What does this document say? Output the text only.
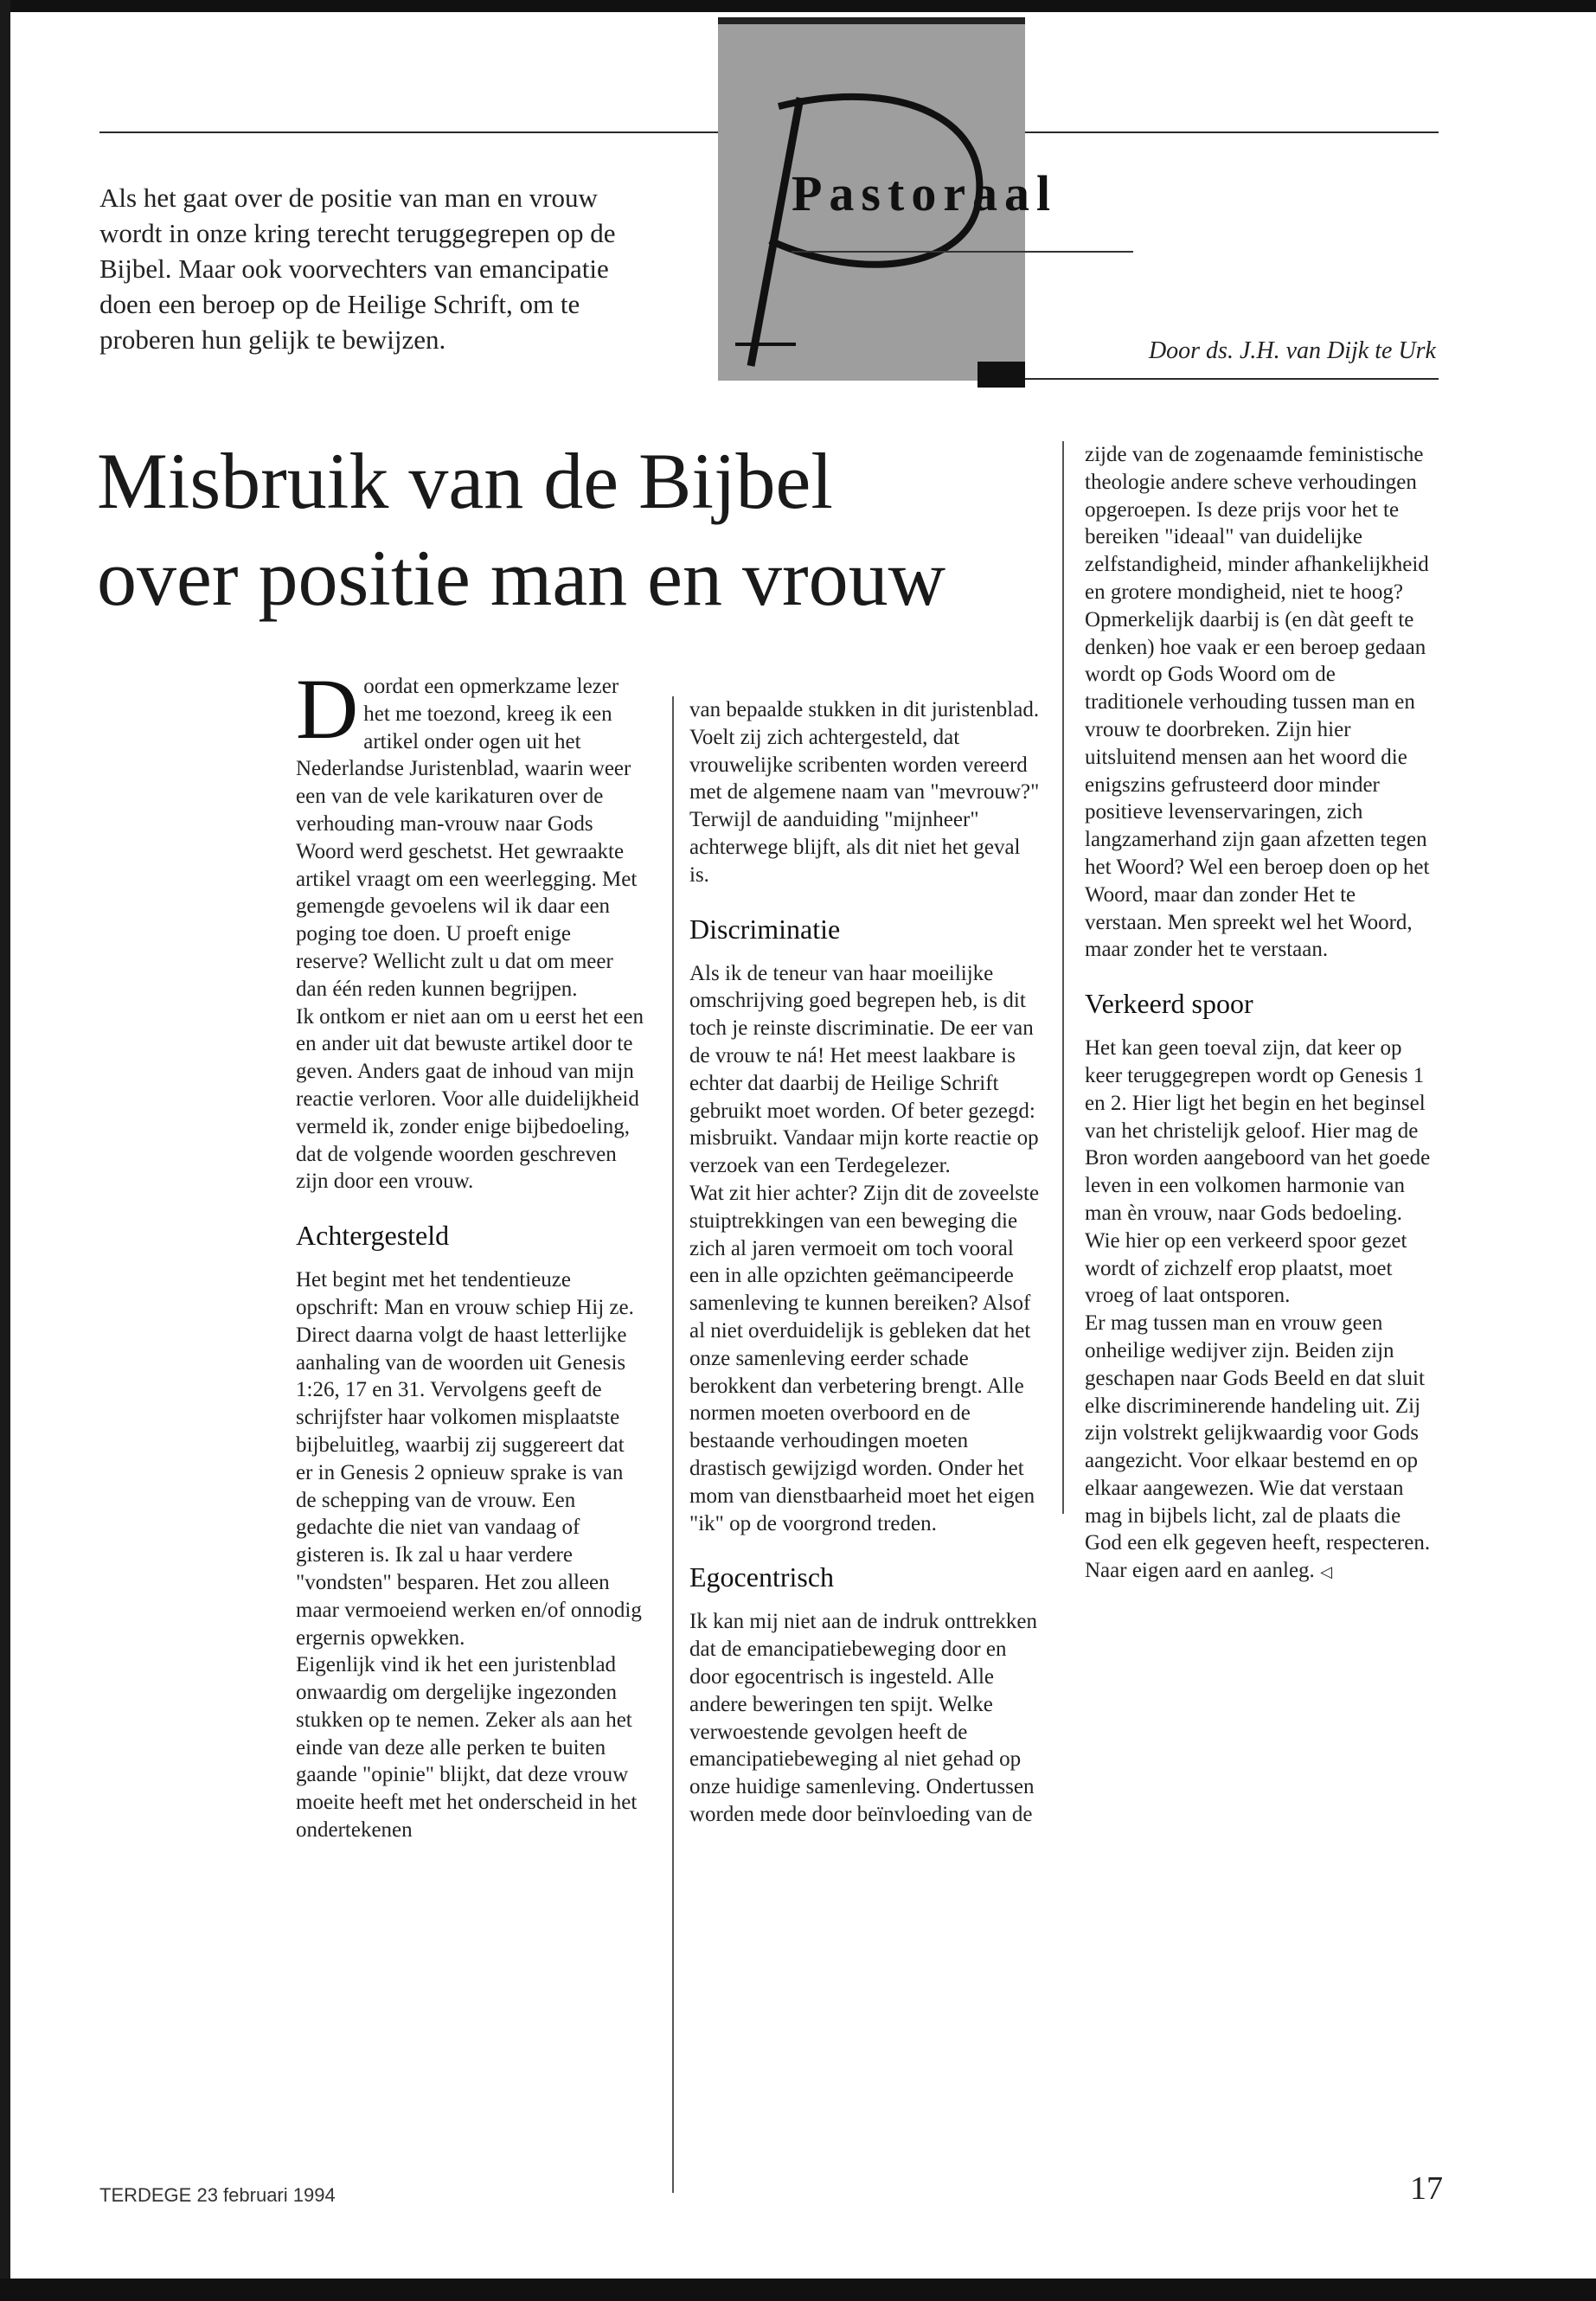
Als het gaat over de positie van man en vrouw wordt in onze kring terecht teruggegrepen op de Bijbel. Maar ook voorvechters van emancipatie doen een beroep op de Heilige Schrift, om te proberen hun gelijk te bewijzen.

Pastoraal
Door ds. J.H. van Dijk te Urk
Misbruik van de Bijbel
over positie man en vrouw

Doordat een opmerkzame lezer het me toezond, kreeg ik een artikel onder ogen uit het Nederlandse Juristenblad, waarin weer een van de vele karikaturen over de verhouding man-vrouw naar Gods Woord werd geschetst. Het gewraakte artikel vraagt om een weerlegging. Met gemengde gevoelens wil ik daar een poging toe doen. U proeft enige reserve? Wellicht zult u dat om meer dan één reden kunnen begrijpen.

Ik ontkom er niet aan om u eerst het een en ander uit dat bewuste artikel door te geven. Anders gaat de inhoud van mijn reactie verloren. Voor alle duidelijkheid vermeld ik, zonder enige bijbedoeling, dat de volgende woorden geschreven zijn door een vrouw.

Achtergesteld

Het begint met het tendentieuze opschrift: Man en vrouw schiep Hij ze. Direct daarna volgt de haast letterlijke aanhaling van de woorden uit Genesis 1:26, 17 en 31. Vervolgens geeft de schrijfster haar volkomen misplaatste bijbeluitleg, waarbij zij suggereert dat er in Genesis 2 opnieuw sprake is van de schepping van de vrouw. Een gedachte die niet van vandaag of gisteren is. Ik zal u haar verdere "vondsten" besparen. Het zou alleen maar vermoeiend werken en/of onnodig ergernis opwekken.

Eigenlijk vind ik het een juristenblad onwaardig om dergelijke ingezonden stukken op te nemen. Zeker als aan het einde van deze alle perken te buiten gaande "opinie" blijkt, dat deze vrouw moeite heeft met het onderscheid in het ondertekenen

van bepaalde stukken in dit juristenblad. Voelt zij zich achtergesteld, dat vrouwelijke scribenten worden vereerd met de algemene naam van "mevrouw?" Terwijl de aanduiding "mijnheer" achterwege blijft, als dit niet het geval is.

Discriminatie

Als ik de teneur van haar moeilijke omschrijving goed begrepen heb, is dit toch je reinste discriminatie. De eer van de vrouw te ná! Het meest laakbare is echter dat daarbij de Heilige Schrift gebruikt moet worden. Of beter gezegd: misbruikt. Vandaar mijn korte reactie op verzoek van een Terdegelezer.

Wat zit hier achter? Zijn dit de zoveelste stuiptrekkingen van een beweging die zich al jaren vermoeit om toch vooral een in alle opzichten geëmancipeerde samenleving te kunnen bereiken? Alsof al niet overduidelijk is gebleken dat het onze samenleving eerder schade berokkent dan verbetering brengt. Alle normen moeten overboord en de bestaande verhoudingen moeten drastisch gewijzigd worden. Onder het mom van dienstbaarheid moet het eigen "ik" op de voorgrond treden.

Egocentrisch

Ik kan mij niet aan de indruk onttrekken dat de emancipatiebeweging door en door egocentrisch is ingesteld. Alle andere beweringen ten spijt. Welke verwoestende gevolgen heeft de emancipatiebeweging al niet gehad op onze huidige samenleving. Ondertussen worden mede door beïnvloeding van de

zijde van de zogenaamde feministische theologie andere scheve verhoudingen opgeroepen. Is deze prijs voor het te bereiken "ideaal" van duidelijke zelfstandigheid, minder afhankelijkheid en grotere mondigheid, niet te hoog?

Opmerkelijk daarbij is (en dàt geeft te denken) hoe vaak er een beroep gedaan wordt op Gods Woord om de traditionele verhouding tussen man en vrouw te doorbreken. Zijn hier uitsluitend mensen aan het woord die enigszins gefrusteerd door minder positieve levenservaringen, zich langzamerhand zijn gaan afzetten tegen het Woord? Wel een beroep doen op het Woord, maar dan zonder Het te verstaan. Men spreekt wel het Woord, maar zonder het te verstaan.

Verkeerd spoor

Het kan geen toeval zijn, dat keer op keer teruggegrepen wordt op Genesis 1 en 2. Hier ligt het begin en het beginsel van het christelijk geloof. Hier mag de Bron worden aangeboord van het goede leven in een volkomen harmonie van man èn vrouw, naar Gods bedoeling. Wie hier op een verkeerd spoor gezet wordt of zichzelf erop plaatst, moet vroeg of laat ontsporen.

Er mag tussen man en vrouw geen onheilige wedijver zijn. Beiden zijn geschapen naar Gods Beeld en dat sluit elke discriminerende handeling uit. Zij zijn volstrekt gelijkwaardig voor Gods aangezicht. Voor elkaar bestemd en op elkaar aangewezen. Wie dat verstaan mag in bijbels licht, zal de plaats die God een elk gegeven heeft, respecteren. Naar eigen aard en aanleg. ◁

TERDEGE 23 februari 1994	17
